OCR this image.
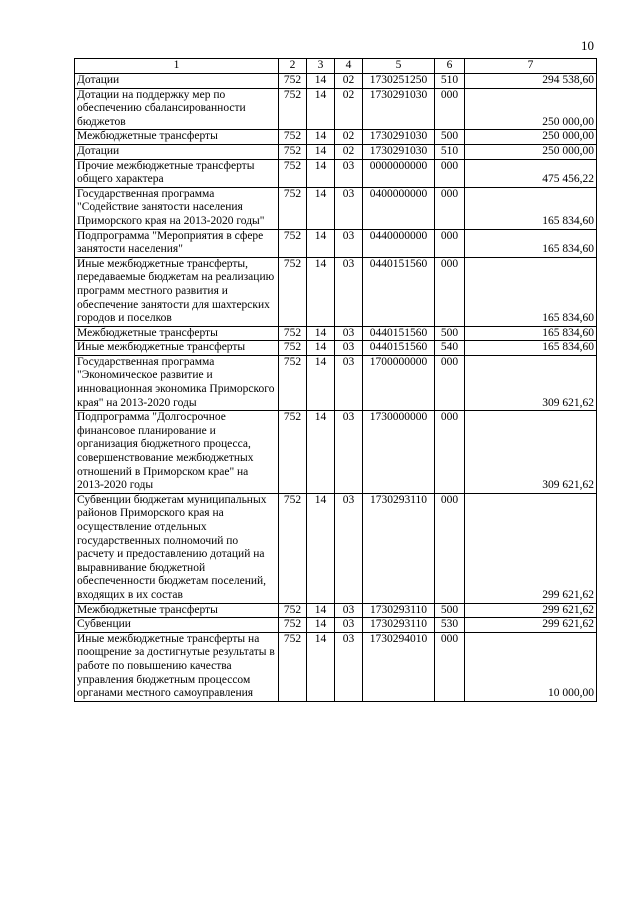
10
1	2	3	4	5	6	7
Дотации	752	14	02	1730251250	510	294 538,60
Дотации на поддержку мер по обеспечению сбалансированности бюджетов	752	14	02	1730291030	000	250 000,00
Межбюджетные трансферты	752	14	02	1730291030	500	250 000,00
Дотации	752	14	02	1730291030	510	250 000,00
Прочие межбюджетные трансферты общего характера	752	14	03	0000000000	000	475 456,22
Государственная программа "Содействие занятости населения Приморского края на 2013-2020 годы"	752	14	03	0400000000	000	165 834,60
Подпрограмма "Мероприятия в сфере занятости населения"	752	14	03	0440000000	000	165 834,60
Иные межбюджетные трансферты, передаваемые бюджетам на реализацию программ местного развития и обеспечение занятости для шахтерских городов и поселков	752	14	03	0440151560	000	165 834,60
Межбюджетные трансферты	752	14	03	0440151560	500	165 834,60
Иные межбюджетные трансферты	752	14	03	0440151560	540	165 834,60
Государственная программа "Экономическое развитие и инновационная экономика Приморского края" на 2013-2020 годы	752	14	03	1700000000	000	309 621,62
Подпрограмма "Долгосрочное финансовое планирование и организация бюджетного процесса, совершенствование межбюджетных отношений в Приморском крае" на 2013-2020 годы	752	14	03	1730000000	000	309 621,62
Субвенции бюджетам муниципальных районов Приморского края на осуществление отдельных государственных полномочий по расчету и предоставлению дотаций на выравнивание бюджетной обеспеченности бюджетам поселений, входящих в их состав	752	14	03	1730293110	000	299 621,62
Межбюджетные трансферты	752	14	03	1730293110	500	299 621,62
Субвенции	752	14	03	1730293110	530	299 621,62
Иные межбюджетные трансферты на поощрение за достигнутые результаты в работе по повышению качества управления бюджетным процессом органами местного самоуправления	752	14	03	1730294010	000	10 000,00
